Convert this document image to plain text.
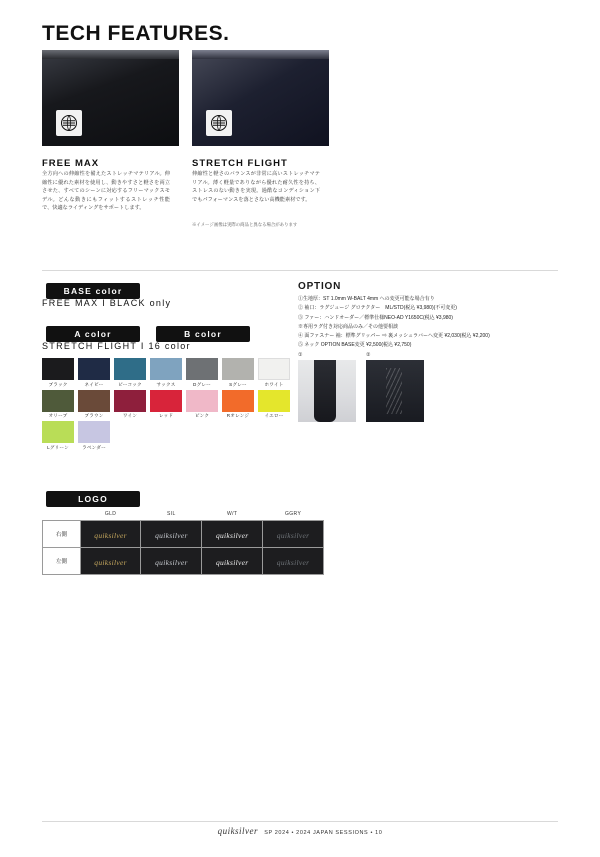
TECH FEATURES.
FREE MAX
全方向への伸縮性を備えたストレッチマテリアル。伸縮性に優れた素材を使用し、動きやすさと軽さを両立させた、すべてのシーンに対応するフリーマックスモデル。どんな動きにもフィットするストレッチ性能で、快適なライディングをサポートします。
STRETCH FLIGHT
伸縮性と軽さのバランスが非常に高いストレッチマテリアル。薄く軽量でありながら優れた耐久性を持ち、ストレスのない動きを実現。過酷なコンディション下でもパフォーマンスを落とさない高機能素材です。
※イメージ画像は実際の商品と異なる場合があります
BASE color
FREE MAX I BLACK only
A color	B color
STRETCH FLIGHT I 16 color
ブラック	ネイビー	ピーコック	サックス	Dグレー	Sグレー	ホワイト
オリーブ	ブラウン	ワイン	レッド	ピンク	Rオレンジ	イエロー
Lグリーン	ラベンダー
OPTION
①生地厚：ST 1.0mm W-BALT 4mm への変更可能な場合有り
② 袖口：ラグジュージ グロテクター　ML/STD(税込 ¥3,980)(不可変更)
③ ファー：ハンドオーダー／標準仕様NEO-AD Y1650C(税込 ¥3,980)
※専用ラグ付き対応商品のみ／その他要相談
④ 面ファスナー 袖：標準グリッパー ⇒ 裏メッシュラバーへ変更 ¥2,030(税込 ¥2,200)
⑤ ネック OPTION BASE変更 ¥2,500(税込 ¥2,750)
①	②
LOGO
	GLD	SIL	W/T	GGRY
右側	quiksilver	quiksilver	quiksilver	quiksilver
左側	quiksilver	quiksilver	quiksilver	quiksilver
quiksilver SP 2024 • 2024 JAPAN SESSIONS • 10
